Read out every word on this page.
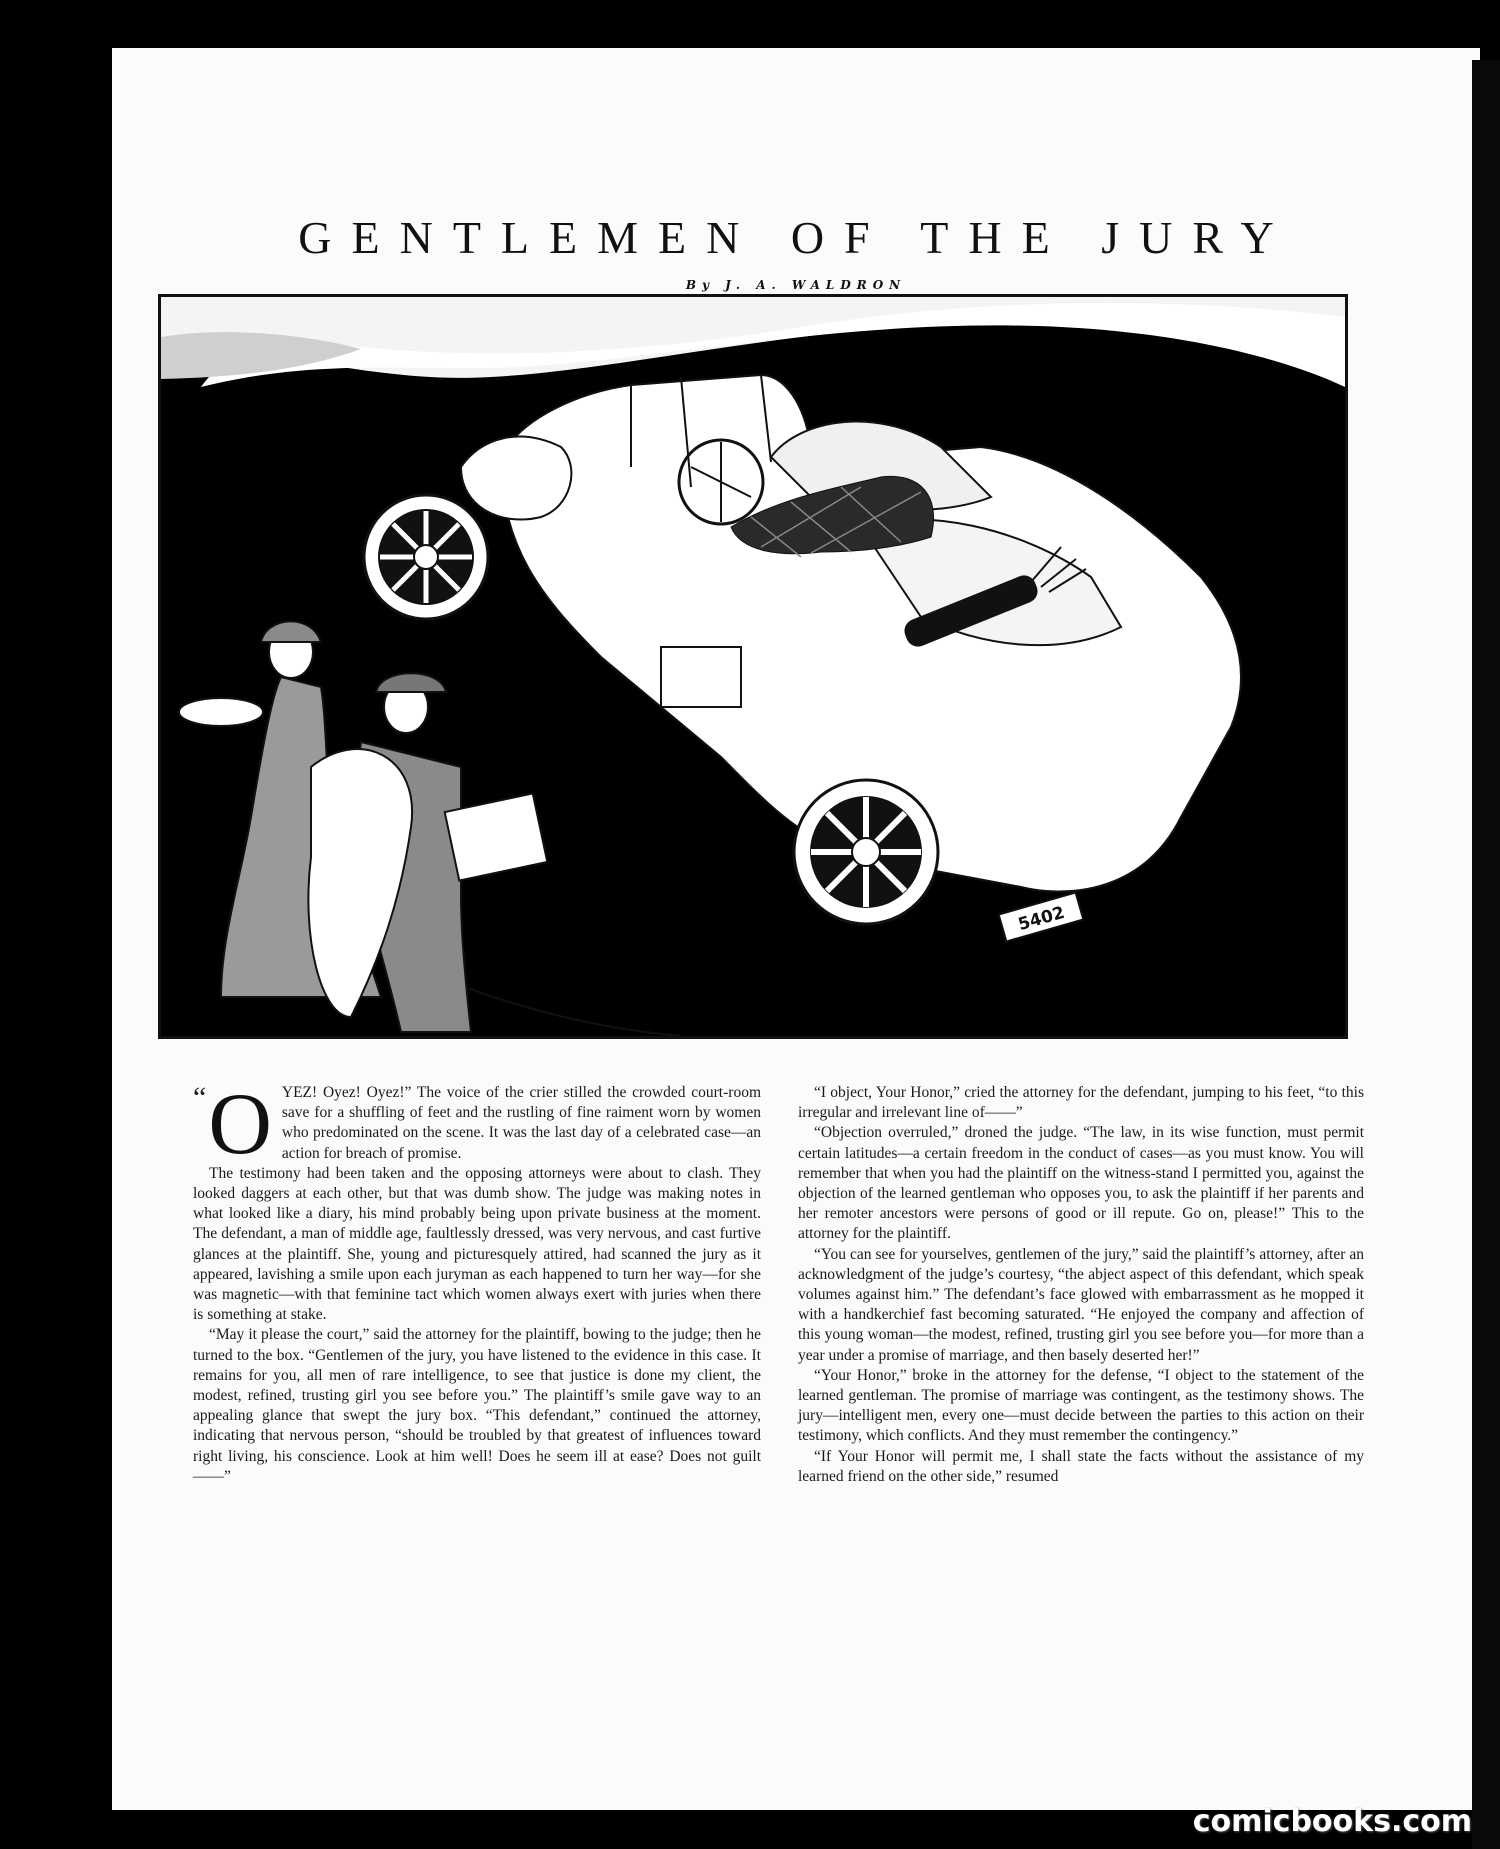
GENTLEMEN OF THE JURY
By J. A. WALDRON
5402

“ O YEZ! Oyez! Oyez!” The voice of the crier stilled the crowded court-room save for a shuffling of feet and the rustling of fine raiment worn by women who predominated on the scene. It was the last day of a celebrated case—an action for breach of promise.

The testimony had been taken and the opposing attorneys were about to clash. They looked daggers at each other, but that was dumb show. The judge was making notes in what looked like a diary, his mind probably being upon private business at the moment. The defendant, a man of middle age, faultlessly dressed, was very nervous, and cast furtive glances at the plaintiff. She, young and picturesquely attired, had scanned the jury as it appeared, lavishing a smile upon each juryman as each happened to turn her way—for she was magnetic—with that feminine tact which women always exert with juries when there is something at stake.

“May it please the court,” said the attorney for the plaintiff, bowing to the judge; then he turned to the box. “Gentlemen of the jury, you have listened to the evidence in this case. It remains for you, all men of rare intelligence, to see that justice is done my client, the modest, refined, trusting girl you see before you.” The plaintiff’s smile gave way to an appealing glance that swept the jury box. “This defendant,” continued the attorney, indicating that nervous person, “should be troubled by that greatest of influences toward right living, his conscience. Look at him well! Does he seem ill at ease? Does not guilt——”

“I object, Your Honor,” cried the attorney for the defendant, jumping to his feet, “to this irregular and irrelevant line of——”

“Objection overruled,” droned the judge. “The law, in its wise function, must permit certain latitudes—a certain freedom in the conduct of cases—as you must know. You will remember that when you had the plaintiff on the witness-stand I permitted you, against the objection of the learned gentleman who opposes you, to ask the plaintiff if her parents and her remoter ancestors were persons of good or ill repute. Go on, please!” This to the attorney for the plaintiff.

“You can see for yourselves, gentlemen of the jury,” said the plaintiff’s attorney, after an acknowledgment of the judge’s courtesy, “the abject aspect of this defendant, which speak volumes against him.” The defendant’s face glowed with embarrassment as he mopped it with a handkerchief fast becoming saturated. “He enjoyed the company and affection of this young woman—the modest, refined, trusting girl you see before you—for more than a year under a promise of marriage, and then basely deserted her!”

“Your Honor,” broke in the attorney for the defense, “I object to the statement of the learned gentleman. The promise of marriage was contingent, as the testimony shows. The jury—intelligent men, every one—must decide between the parties to this action on their testimony, which conflicts. And they must remember the contingency.”

“If Your Honor will permit me, I shall state the facts without the assistance of my learned friend on the other side,” resumed

comicbooks.com
